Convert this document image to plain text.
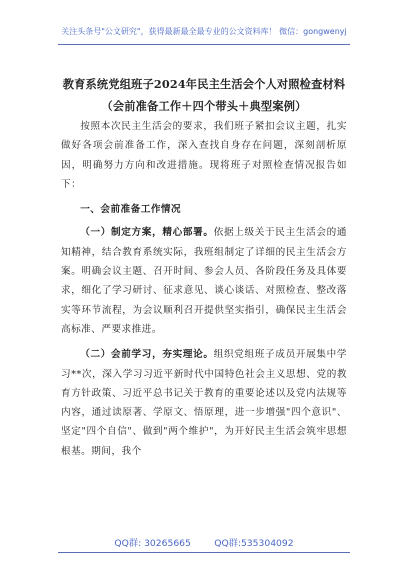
关注头条号"公文研究"，获得最新最全最专业的公文资料库！ 微信：gongwenyj
教育系统党组班子2024年民主生活会个人对照检查材料
（会前准备工作＋四个带头＋典型案例）

按照本次民主生活会的要求，我们班子紧扣会议主题，扎实做好各项会前准备工作，深入查找自身存在问题，深刻剖析原因，明确努力方向和改进措施。现将班子对照检查情况报告如下：

一、会前准备工作情况

（一）制定方案，精心部署。依据上级关于民主生活会的通知精神，结合教育系统实际，我班组制定了详细的民主生活会方案。明确会议主题、召开时间、参会人员、各阶段任务及具体要求，细化了学习研讨、征求意见、谈心谈话、对照检查、整改落实等环节流程，为会议顺利召开提供坚实指引，确保民主生活会高标准、严要求推进。

（二）会前学习，夯实理论。组织党组班子成员开展集中学习**次，深入学习习近平新时代中国特色社会主义思想、党的教育方针政策、习近平总书记关于教育的重要论述以及党内法规等内容，通过读原著、学原文、悟原理，进一步增强"四个意识"、坚定"四个自信"、做到"两个维护"，为开好民主生活会筑牢思想根基。期间，我个

QQ群: 30265665        QQ群:535304092
